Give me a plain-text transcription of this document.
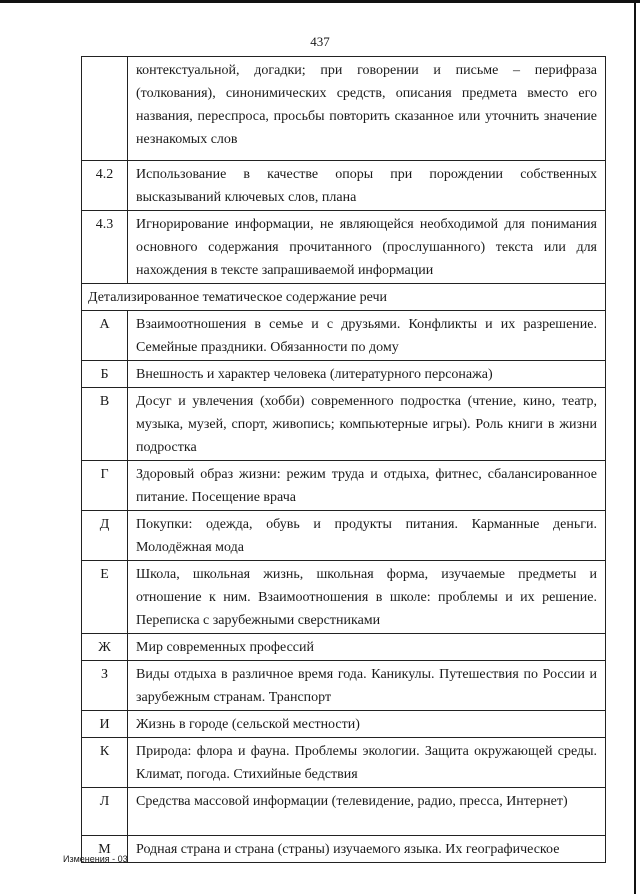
437
	контекстуальной, догадки; при говорении и письме – перифраза (толкования), синонимических средств, описания предмета вместо его названия, переспроса, просьбы повторить сказанное или уточнить значение незнакомых слов
4.2	Использование в качестве опоры при порождении собственных высказываний ключевых слов, плана
4.3	Игнорирование информации, не являющейся необходимой для понимания основного содержания прочитанного (прослушанного) текста или для нахождения в тексте запрашиваемой информации
Детализированное тематическое содержание речи	
А	Взаимоотношения в семье и с друзьями. Конфликты и их разрешение. Семейные праздники. Обязанности по дому
Б	Внешность и характер человека (литературного персонажа)
В	Досуг и увлечения (хобби) современного подростка (чтение, кино, театр, музыка, музей, спорт, живопись; компьютерные игры). Роль книги в жизни подростка
Г	Здоровый образ жизни: режим труда и отдыха, фитнес, сбалансированное питание. Посещение врача
Д	Покупки: одежда, обувь и продукты питания. Карманные деньги. Молодёжная мода
Е	Школа, школьная жизнь, школьная форма, изучаемые предметы и отношение к ним. Взаимоотношения в школе: проблемы и их решение. Переписка с зарубежными сверстниками
Ж	Мир современных профессий
З	Виды отдыха в различное время года. Каникулы. Путешествия по России и зарубежным странам. Транспорт
И	Жизнь в городе (сельской местности)
К	Природа: флора и фауна. Проблемы экологии. Защита окружающей среды. Климат, погода. Стихийные бедствия
Л	Средства массовой информации (телевидение, радио, пресса, Интернет)
М	Родная страна и страна (страны) изучаемого языка. Их географическое
Изменения - 03
